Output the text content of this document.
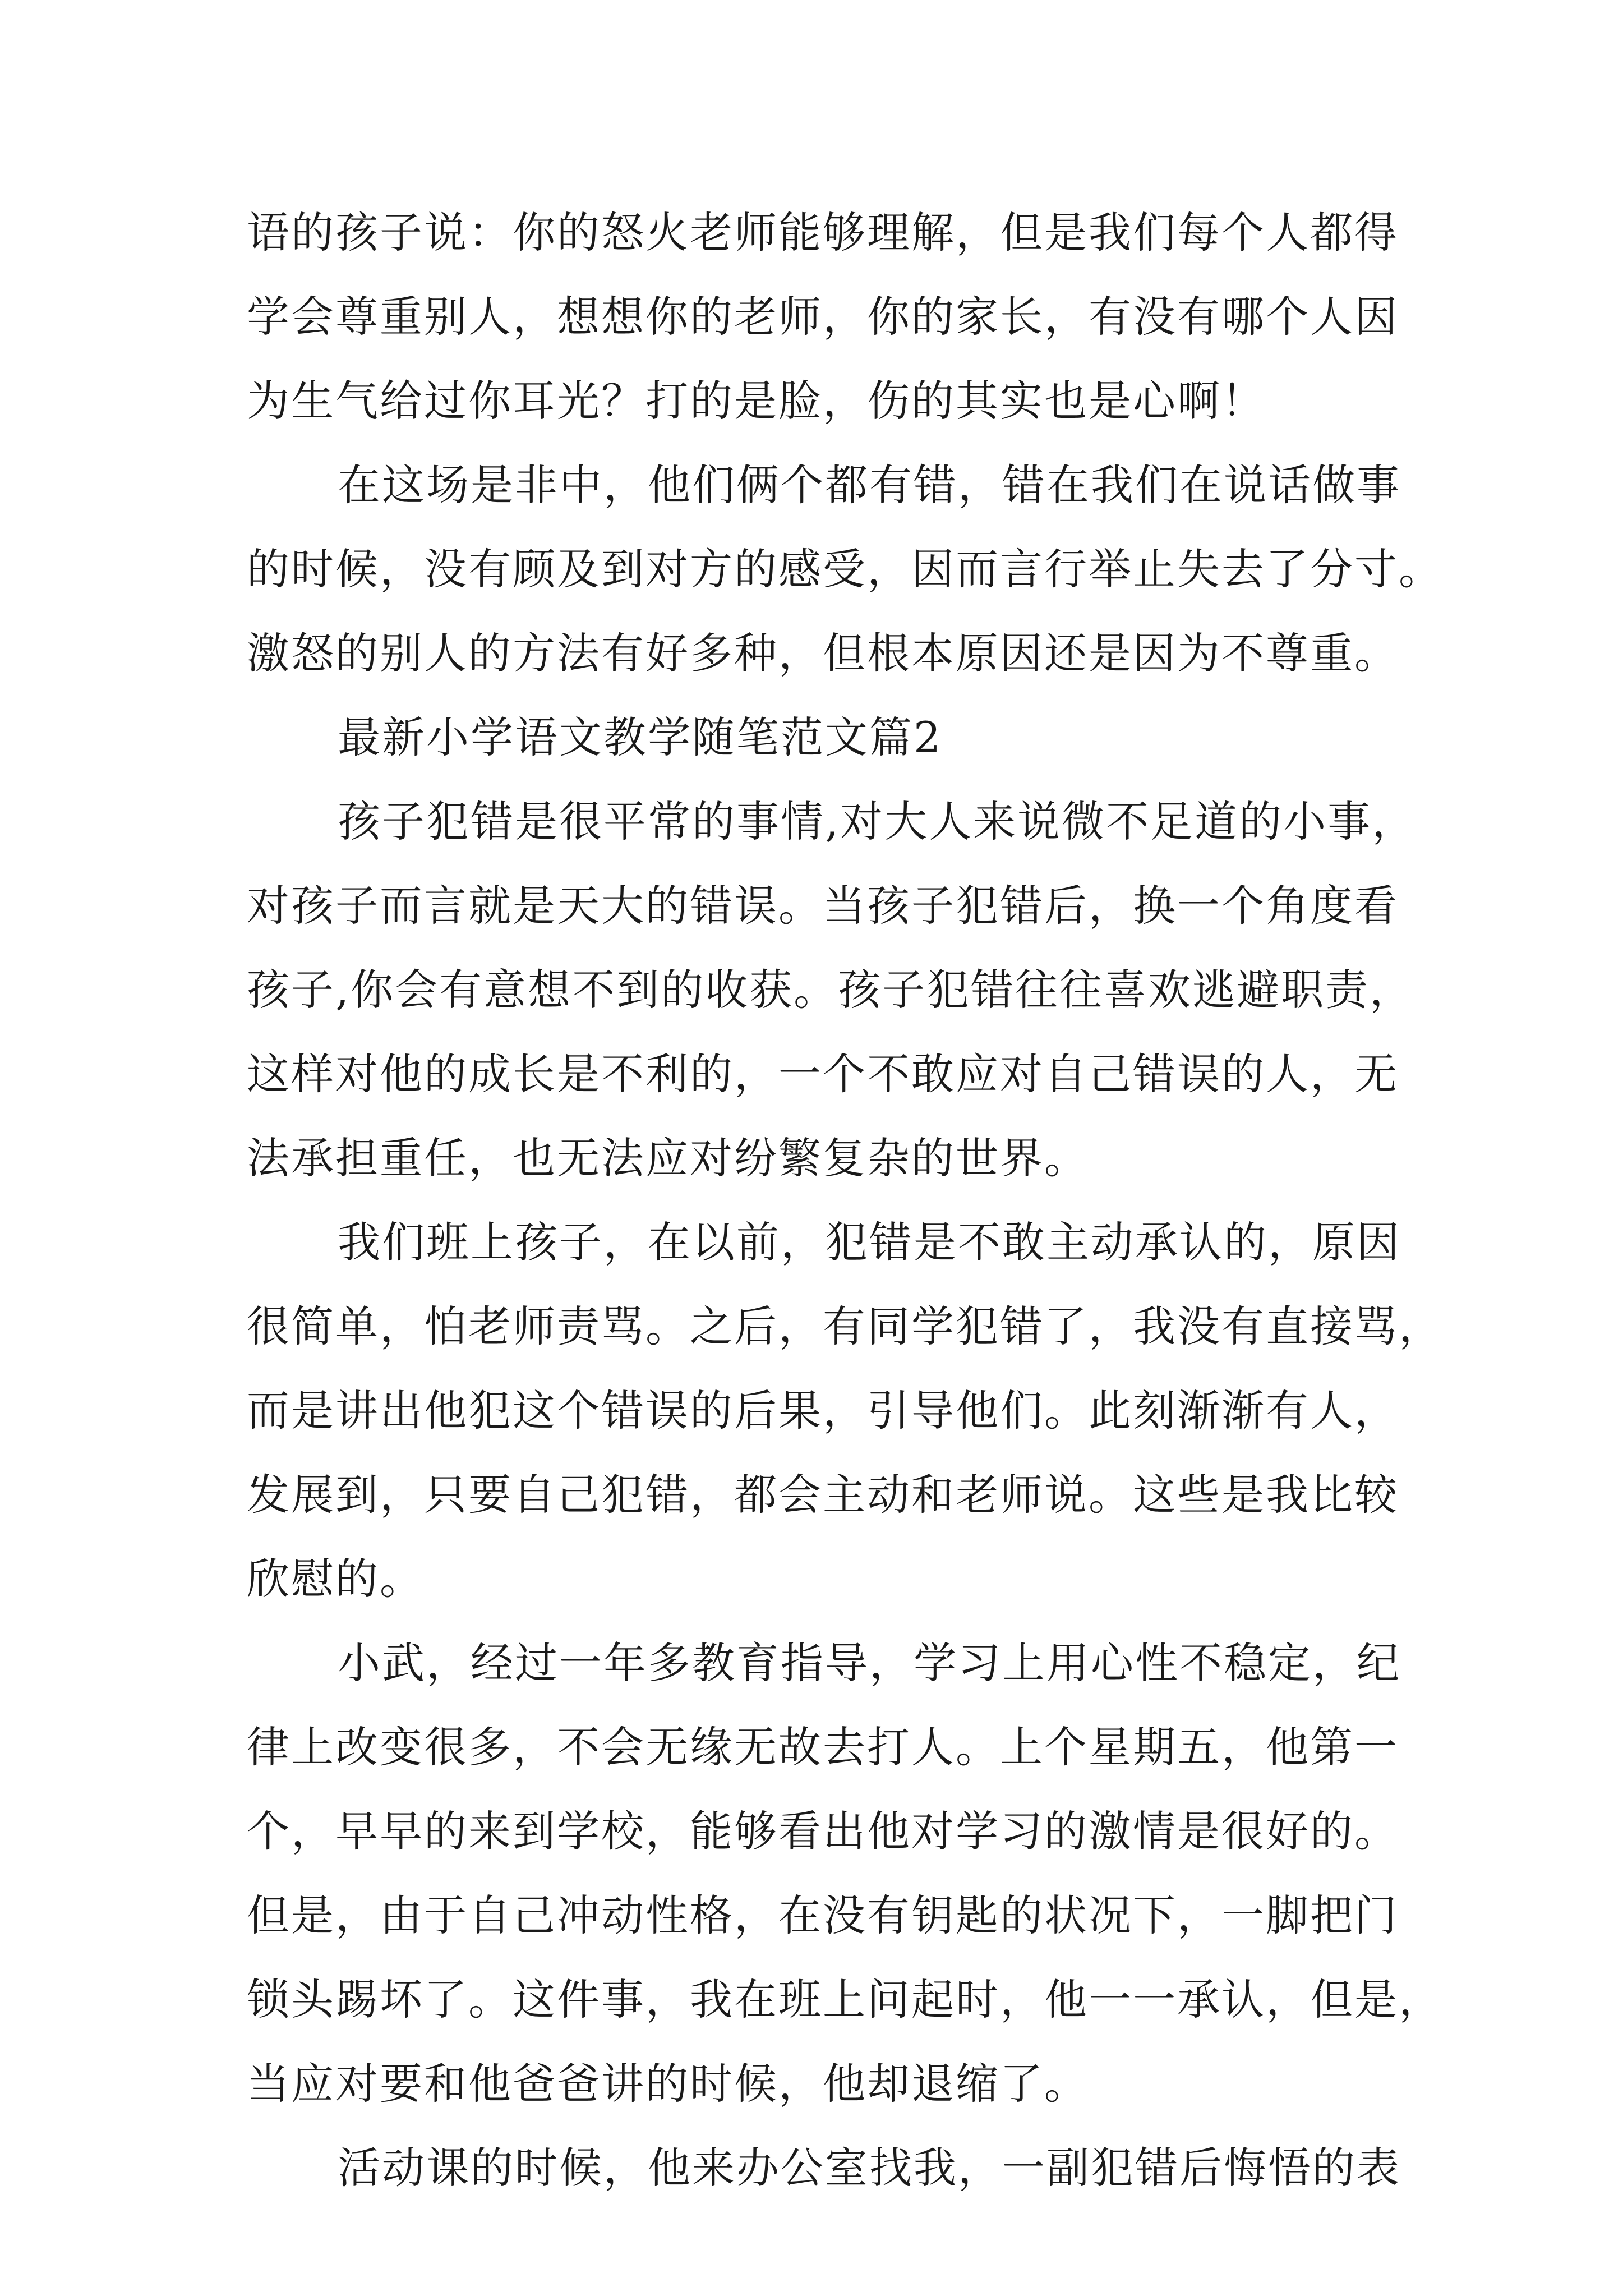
语的孩子说：你的怒火老师能够理解，但是我们每个人都得
学会尊重别人，想想你的老师，你的家长，有没有哪个人因
为生气给过你耳光？打的是脸，伤的其实也是心啊！
在这场是非中，他们俩个都有错，错在我们在说话做事
的时候，没有顾及到对方的感受，因而言行举止失去了分寸。
激怒的别人的方法有好多种，但根本原因还是因为不尊重。
最新小学语文教学随笔范文篇2
孩子犯错是很平常的事情,对大人来说微不足道的小事，
对孩子而言就是天大的错误。当孩子犯错后，换一个角度看
孩子,你会有意想不到的收获。孩子犯错往往喜欢逃避职责，
这样对他的成长是不利的，一个不敢应对自己错误的人，无
法承担重任，也无法应对纷繁复杂的世界。
我们班上孩子，在以前，犯错是不敢主动承认的，原因
很简单，怕老师责骂。之后，有同学犯错了，我没有直接骂，
而是讲出他犯这个错误的后果，引导他们。此刻渐渐有人，
发展到，只要自己犯错，都会主动和老师说。这些是我比较
欣慰的。
小武，经过一年多教育指导，学习上用心性不稳定，纪
律上改变很多，不会无缘无故去打人。上个星期五，他第一
个，早早的来到学校，能够看出他对学习的激情是很好的。
但是，由于自己冲动性格，在没有钥匙的状况下，一脚把门
锁头踢坏了。这件事，我在班上问起时，他一一承认，但是，
当应对要和他爸爸讲的时候，他却退缩了。
活动课的时候，他来办公室找我，一副犯错后悔悟的表
